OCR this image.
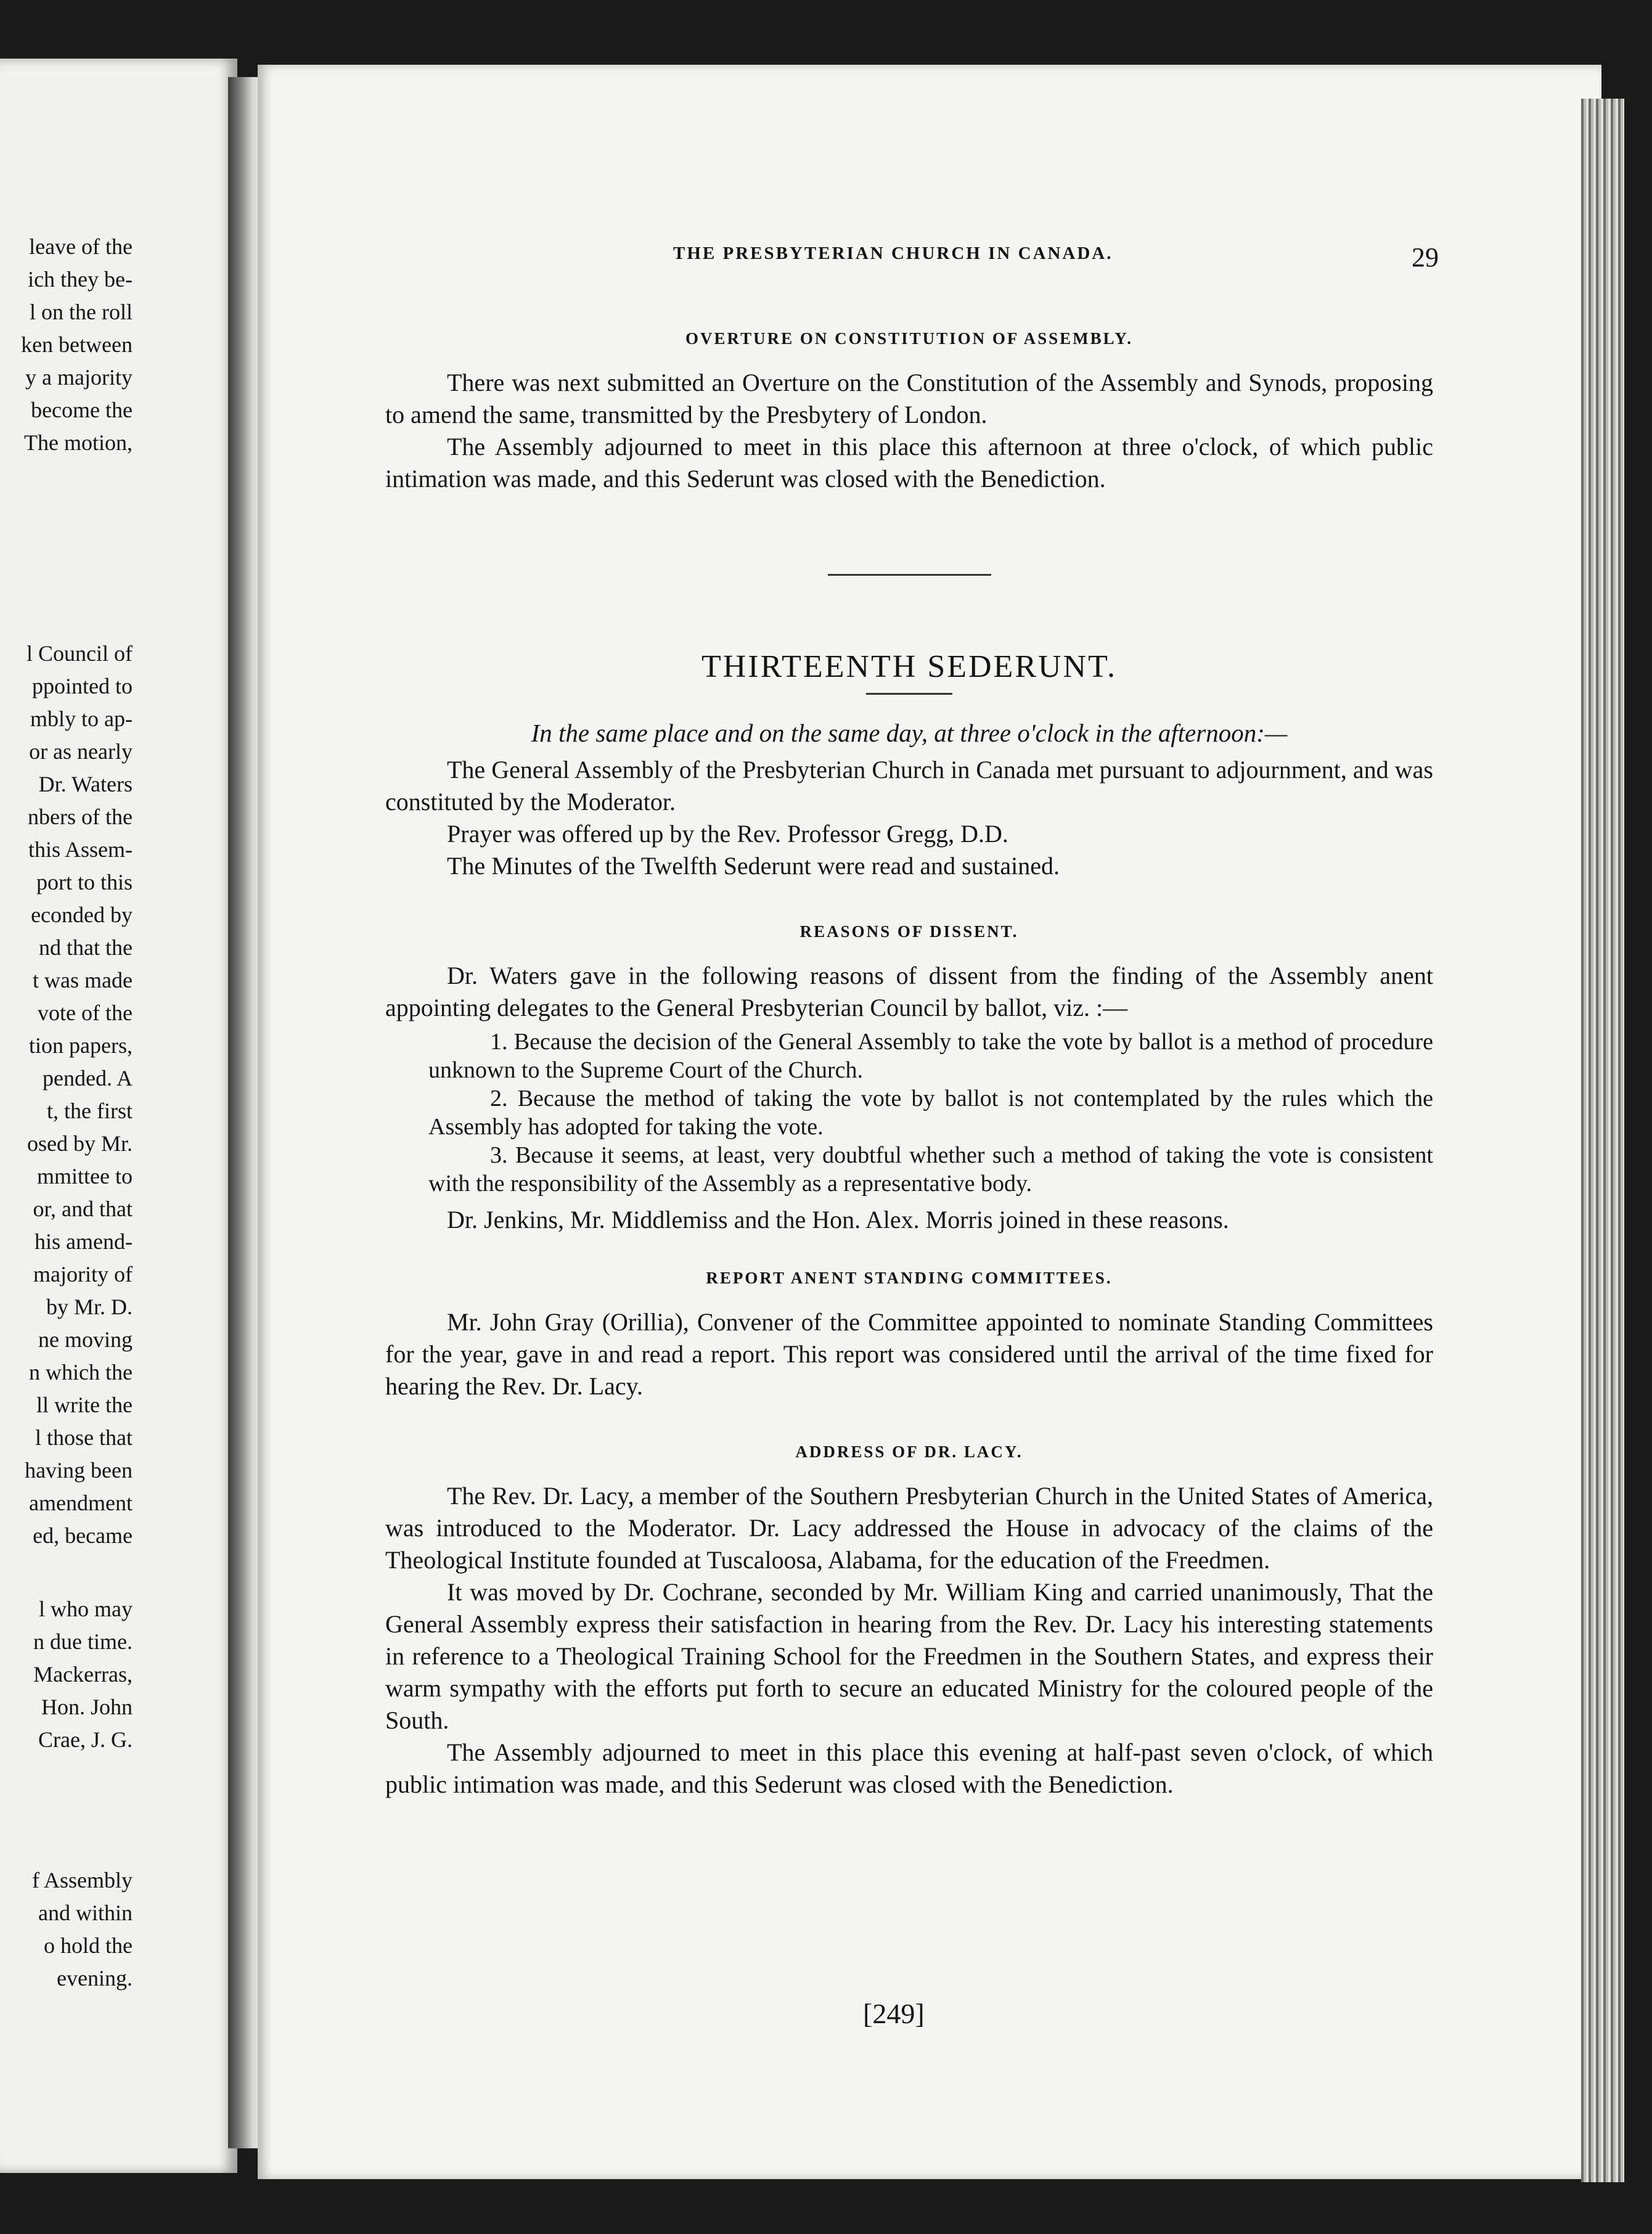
leave of the
ich they be-
l on the roll
ken between
y a majority
become the
The motion,
l Council of
ppointed to
mbly to ap-
or as nearly
Dr. Waters
nbers of the
this Assem-
port to this
econded by
nd that the
t was made
vote of the
tion papers,
pended. A
t, the first
osed by Mr.
mmittee to
or, and that
his amend-
majority of
by Mr. D.
ne moving
n which the
ll write the
l those that
having been
amendment
ed, became
l who may
n due time.
Mackerras,
Hon. John
Crae, J. G.
f Assembly
and within
o hold the
evening.
THE PRESBYTERIAN CHURCH IN CANADA.	29

OVERTURE ON CONSTITUTION OF ASSEMBLY.

There was next submitted an Overture on the Constitution of the Assembly and Synods, proposing to amend the same, transmitted by the Presbytery of London.

The Assembly adjourned to meet in this place this afternoon at three o'clock, of which public intimation was made, and this Sederunt was closed with the Benediction.

THIRTEENTH SEDERUNT.

In the same place and on the same day, at three o'clock in the afternoon:—

The General Assembly of the Presbyterian Church in Canada met pursuant to adjournment, and was constituted by the Moderator.

Prayer was offered up by the Rev. Professor Gregg, D.D.

The Minutes of the Twelfth Sederunt were read and sustained.

REASONS OF DISSENT.

Dr. Waters gave in the following reasons of dissent from the finding of the Assembly anent appointing delegates to the General Presbyterian Council by ballot, viz. :—

1. Because the decision of the General Assembly to take the vote by ballot is a method of procedure unknown to the Supreme Court of the Church.

2. Because the method of taking the vote by ballot is not contemplated by the rules which the Assembly has adopted for taking the vote.

3. Because it seems, at least, very doubtful whether such a method of taking the vote is consistent with the responsibility of the Assembly as a representative body.

Dr. Jenkins, Mr. Middlemiss and the Hon. Alex. Morris joined in these reasons.

REPORT ANENT STANDING COMMITTEES.

Mr. John Gray (Orillia), Convener of the Committee appointed to nominate Standing Committees for the year, gave in and read a report. This report was considered until the arrival of the time fixed for hearing the Rev. Dr. Lacy.

ADDRESS OF DR. LACY.

The Rev. Dr. Lacy, a member of the Southern Presbyterian Church in the United States of America, was introduced to the Moderator. Dr. Lacy addressed the House in advocacy of the claims of the Theological Institute founded at Tuscaloosa, Alabama, for the education of the Freedmen.

It was moved by Dr. Cochrane, seconded by Mr. William King and carried unanimously, That the General Assembly express their satisfaction in hearing from the Rev. Dr. Lacy his interesting statements in reference to a Theological Training School for the Freedmen in the Southern States, and express their warm sympathy with the efforts put forth to secure an educated Ministry for the coloured people of the South.

The Assembly adjourned to meet in this place this evening at half-past seven o'clock, of which public intimation was made, and this Sederunt was closed with the Benediction.

[249]
